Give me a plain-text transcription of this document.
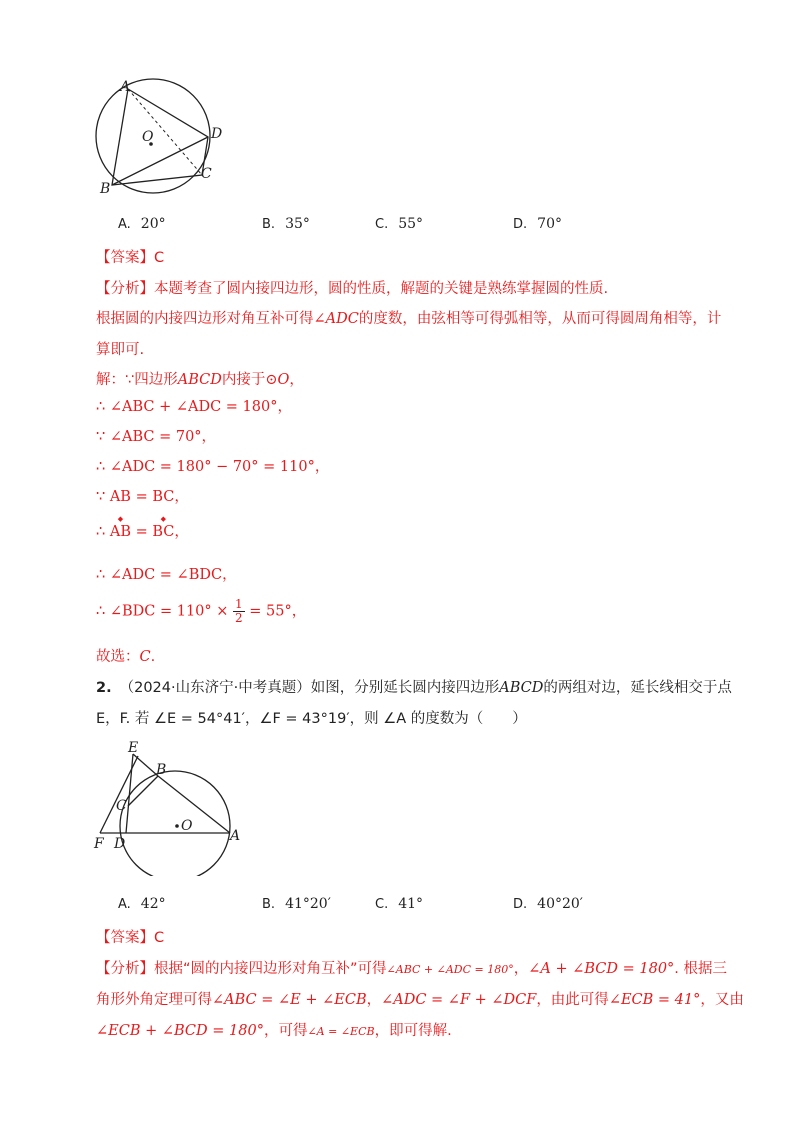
A
O	D
C
B
A. 20°	B. 35°	C. 55°	D. 70°
【答案】C
【分析】本题考查了圆内接四边形，圆的性质，解题的关键是熟练掌握圆的性质.
根据圆的内接四边形对角互补可得∠ADC的度数，由弦相等可得弧相等，从而可得圆周角相等，计
算即可.
解：∵四边形ABCD内接于⊙O，
∴ ∠ABC + ∠ADC = 180°，
∵ ∠ABC = 70°，
∴ ∠ADC = 180° − 70° = 110°，
∵ AB = BC，
∴ ◆ AB = ◆ BC，
∴ ∠ADC = ∠BDC，
∴ ∠BDC = $110^\circ \times \frac{1}{2} = 55^\circ$，
故选：C.
2. （2024·山东济宁·中考真题）如图，分别延长圆内接四边形ABCD的两组对边，延长线相交于点
E，F. 若 ∠E = 54°41′，∠F = 43°19′，则 ∠A 的度数为（　　）
E
B
C
O
A
F D
A. 42°	B. 41°20′	C. 41°	D. 40°20′
【答案】C
【分析】根据“圆的内接四边形对角互补”可得∠ABC + ∠ADC = 180°，∠A + ∠BCD = 180°. 根据三
角形外角定理可得∠ABC = ∠E + ∠ECB，∠ADC = ∠F + ∠DCF，由此可得∠ECB = 41°，又由
∠ECB + ∠BCD = 180°，可得∠A = ∠ECB，即可得解.
